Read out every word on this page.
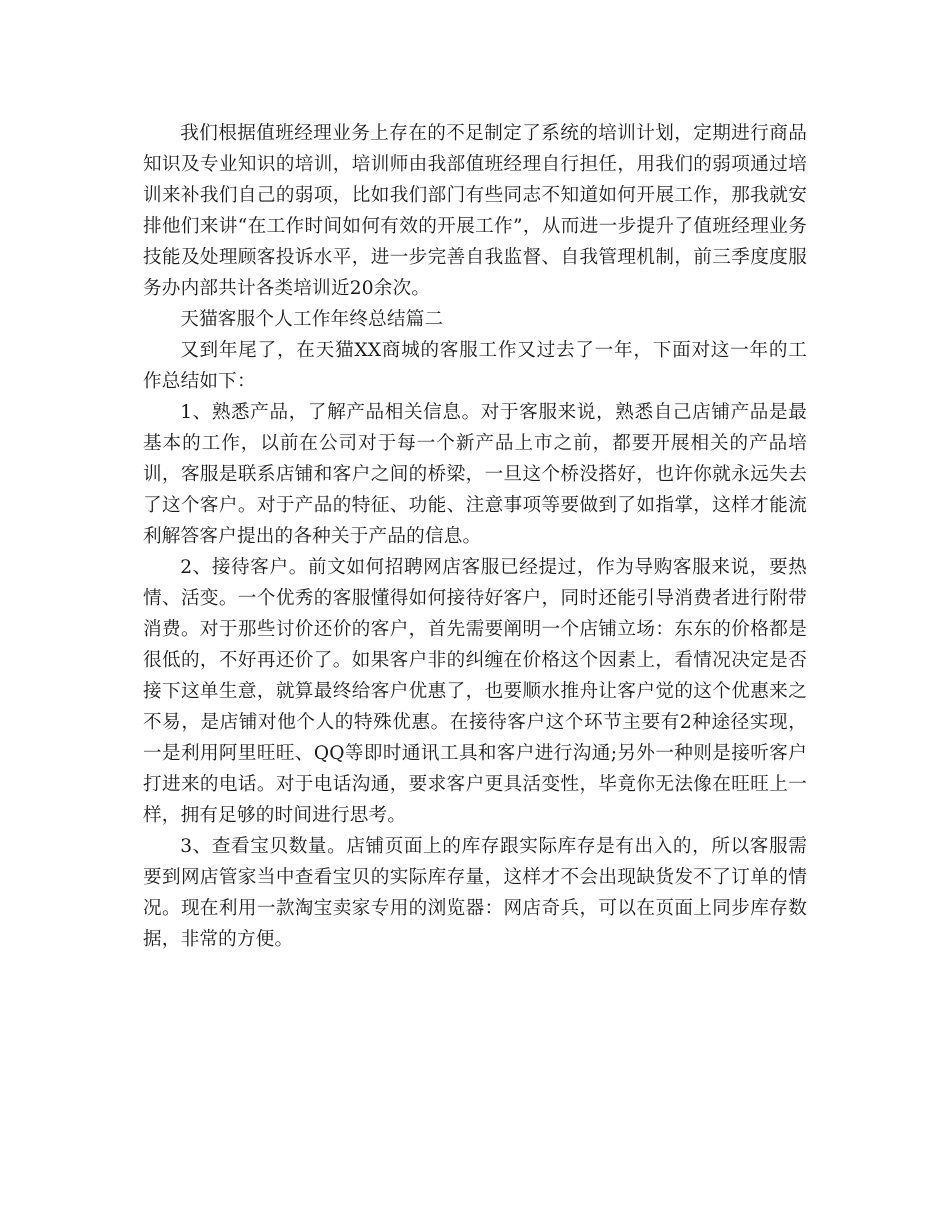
我们根据值班经理业务上存在的不足制定了系统的培训计划，定期进行商品知识及专业知识的培训，培训师由我部值班经理自行担任，用我们的弱项通过培训来补我们自己的弱项，比如我们部门有些同志不知道如何开展工作，那我就安排他们来讲“在工作时间如何有效的开展工作”，从而进一步提升了值班经理业务技能及处理顾客投诉水平，进一步完善自我监督、自我管理机制，前三季度度服务办内部共计各类培训近20余次。

天猫客服个人工作年终总结篇二

又到年尾了，在天猫XX商城的客服工作又过去了一年，下面对这一年的工作总结如下：

1、熟悉产品，了解产品相关信息。对于客服来说，熟悉自己店铺产品是最基本的工作，以前在公司对于每一个新产品上市之前，都要开展相关的产品培训，客服是联系店铺和客户之间的桥梁，一旦这个桥没搭好，也许你就永远失去了这个客户。对于产品的特征、功能、注意事项等要做到了如指掌，这样才能流利解答客户提出的各种关于产品的信息。

2、接待客户。前文如何招聘网店客服已经提过，作为导购客服来说，要热情、活变。一个优秀的客服懂得如何接待好客户，同时还能引导消费者进行附带消费。对于那些讨价还价的客户，首先需要阐明一个店铺立场：东东的价格都是很低的，不好再还价了。如果客户非的纠缠在价格这个因素上，看情况决定是否接下这单生意，就算最终给客户优惠了，也要顺水推舟让客户觉的这个优惠来之不易，是店铺对他个人的特殊优惠。在接待客户这个环节主要有2种途径实现，一是利用阿里旺旺、QQ等即时通讯工具和客户进行沟通;另外一种则是接听客户打进来的电话。对于电话沟通，要求客户更具活变性，毕竟你无法像在旺旺上一样，拥有足够的时间进行思考。

3、查看宝贝数量。店铺页面上的库存跟实际库存是有出入的，所以客服需要到网店管家当中查看宝贝的实际库存量，这样才不会出现缺货发不了订单的情况。现在利用一款淘宝卖家专用的浏览器：网店奇兵，可以在页面上同步库存数据，非常的方便。
